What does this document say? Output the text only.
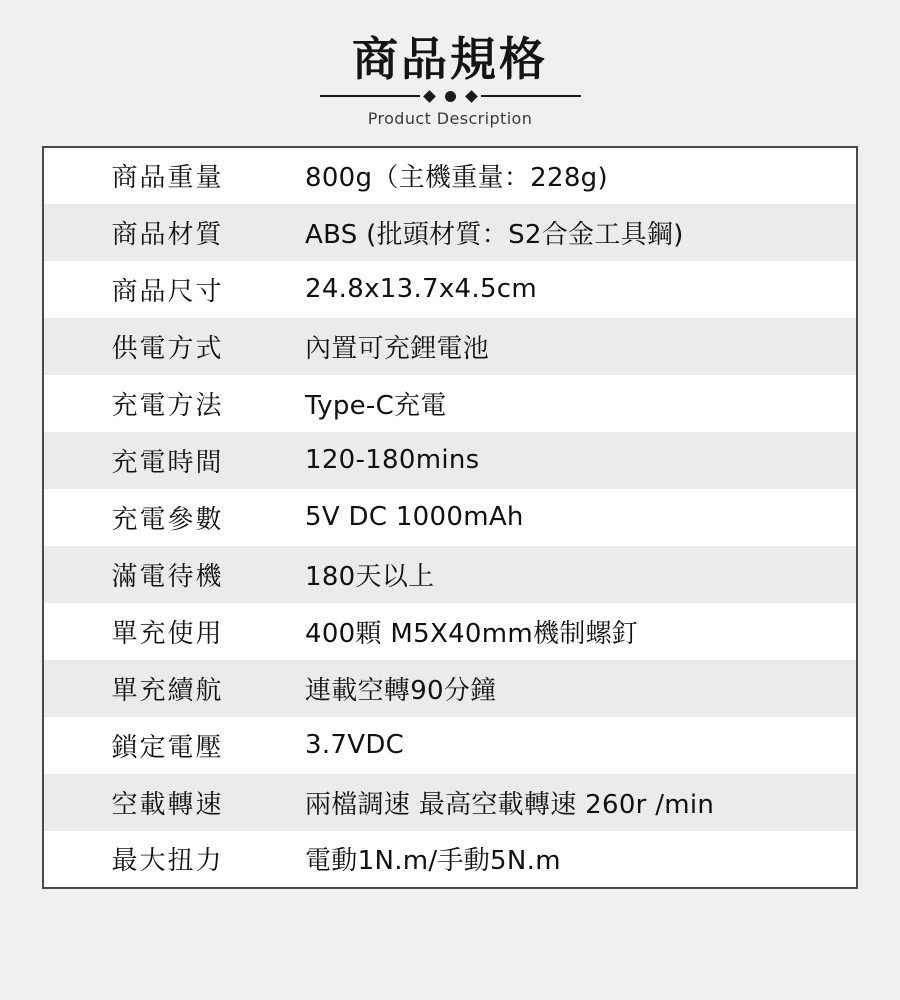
商品規格
Product Description
商品重量	800g（主機重量：228g)
商品材質	ABS (批頭材質：S2合金工具鋼)
商品尺寸	24.8x13.7x4.5cm
供電方式	內置可充鋰電池
充電方法	Type-C充電
充電時間	120-180mins
充電參數	5V DC 1000mAh
滿電待機	180天以上
單充使用	400顆 M5X40mm機制螺釘
單充續航	連載空轉90分鐘
鎖定電壓	3.7VDC
空載轉速	兩檔調速 最高空載轉速 260r /min
最大扭力	電動1N.m/手動5N.m
